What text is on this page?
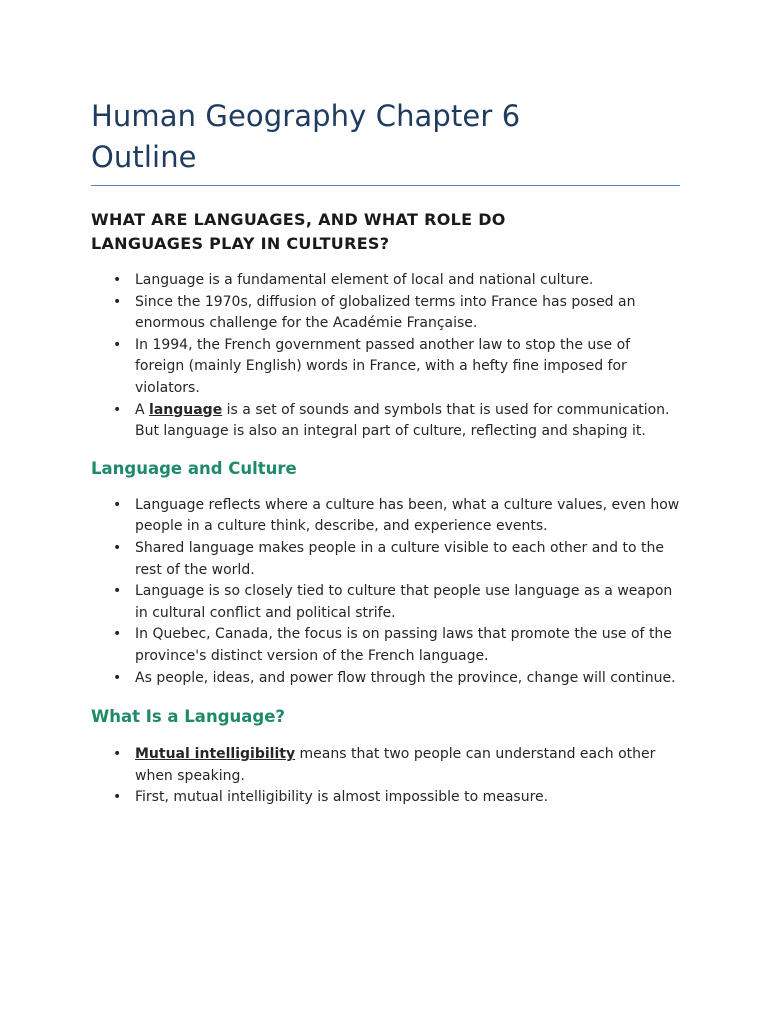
Human Geography Chapter 6
Outline
WHAT ARE LANGUAGES, AND WHAT ROLE DO
LANGUAGES PLAY IN CULTURES?
• Language is a fundamental element of local and national culture.
• Since the 1970s, diffusion of globalized terms into France has posed an enormous challenge for the Académie Française.
• In 1994, the French government passed another law to stop the use of foreign (mainly English) words in France, with a hefty fine imposed for violators.
• A language is a set of sounds and symbols that is used for communication. But language is also an integral part of culture, reflecting and shaping it.
Language and Culture
• Language reflects where a culture has been, what a culture values, even how people in a culture think, describe, and experience events.
• Shared language makes people in a culture visible to each other and to the rest of the world.
• Language is so closely tied to culture that people use language as a weapon in cultural conflict and political strife.
• In Quebec, Canada, the focus is on passing laws that promote the use of the province's distinct version of the French language.
• As people, ideas, and power flow through the province, change will continue.
What Is a Language?
• Mutual intelligibility means that two people can understand each other when speaking.
• First, mutual intelligibility is almost impossible to measure.
